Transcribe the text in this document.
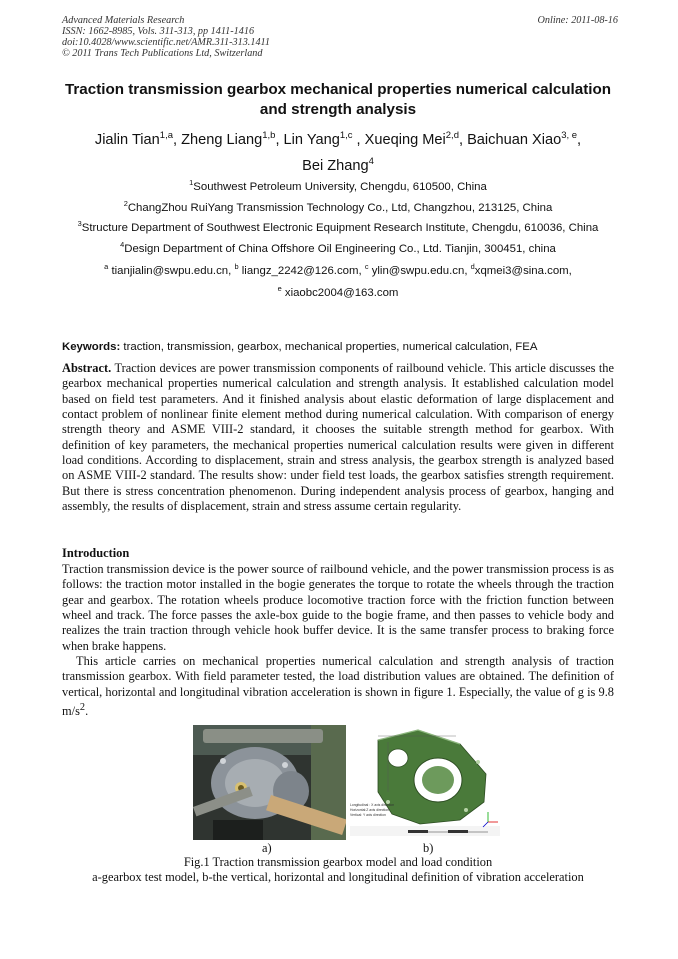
Advanced Materials Research
ISSN: 1662-8985, Vols. 311-313, pp 1411-1416
doi:10.4028/www.scientific.net/AMR.311-313.1411
© 2011 Trans Tech Publications Ltd, Switzerland
Online: 2011-08-16
Traction transmission gearbox mechanical properties numerical calculation and strength analysis
Jialin Tian$^{1,a}$, Zheng Liang$^{1,b}$, Lin Yang$^{1,c}$ , Xueqing Mei$^{2,d}$, Baichuan Xiao$^{3, e}$,
Bei Zhang$^4$
$^1$Southwest Petroleum University, Chengdu, 610500, China
$^2$ChangZhou RuiYang Transmission Technology Co., Ltd, Changzhou, 213125, China
$^3$Structure Department of Southwest Electronic Equipment Research Institute, Chengdu, 610036, China
$^4$Design Department of China Offshore Oil Engineering Co., Ltd. Tianjin, 300451, china
$^a$ tianjialin@swpu.edu.cn, $^b$ liangz_2242@126.com, $^c$ ylin@swpu.edu.cn, $^d$xqmei3@sina.com,
$^e$ xiaobc2004@163.com
Keywords: traction, transmission, gearbox, mechanical properties, numerical calculation, FEA
Abstract. Traction devices are power transmission components of railbound vehicle. This article discusses the gearbox mechanical properties numerical calculation and strength analysis. It established calculation model based on field test parameters. And it finished analysis about elastic deformation of large displacement and contact problem of nonlinear finite element method during numerical calculation. With comparison of energy strength theory and ASME VIII-2 standard, it chooses the suitable strength method for gearbox. With definition of key parameters, the mechanical properties numerical calculation results were given in different load conditions. According to displacement, strain and stress analysis, the gearbox strength is analyzed based on ASME VIII-2 standard. The results show: under field test loads, the gearbox satisfies strength requirement. But there is stress concentration phenomenon. During independent analysis process of gearbox, hanging and assembly, the results of displacement, strain and stress assume certain regularity.
Introduction

Traction transmission device is the power source of railbound vehicle, and the power transmission process is as follows: the traction motor installed in the bogie generates the torque to rotate the wheels through the traction gear and gearbox. The rotation wheels produce locomotive traction force with the friction function between wheel and track. The force passes the axle-box guide to the bogie frame, and then passes to vehicle body and realizes the train traction through vehicle hook buffer device. It is the same transfer process to braking force when brake happens.

This article carries on mechanical properties numerical calculation and strength analysis of traction transmission gearbox. With field parameter tested, the load distribution values are obtained. The definition of vertical, horizontal and longitudinal vibration acceleration is shown in figure 1. Especially, the value of g is 9.8 $m/s^2$.

Longitudinal : X axis direction
Horizontal:Z axis direction
Vertical: Y axis direction
a)	b)
Fig.1 Traction transmission gearbox model and load condition
a-gearbox test model, b-the vertical, horizontal and longitudinal definition of vibration acceleration
